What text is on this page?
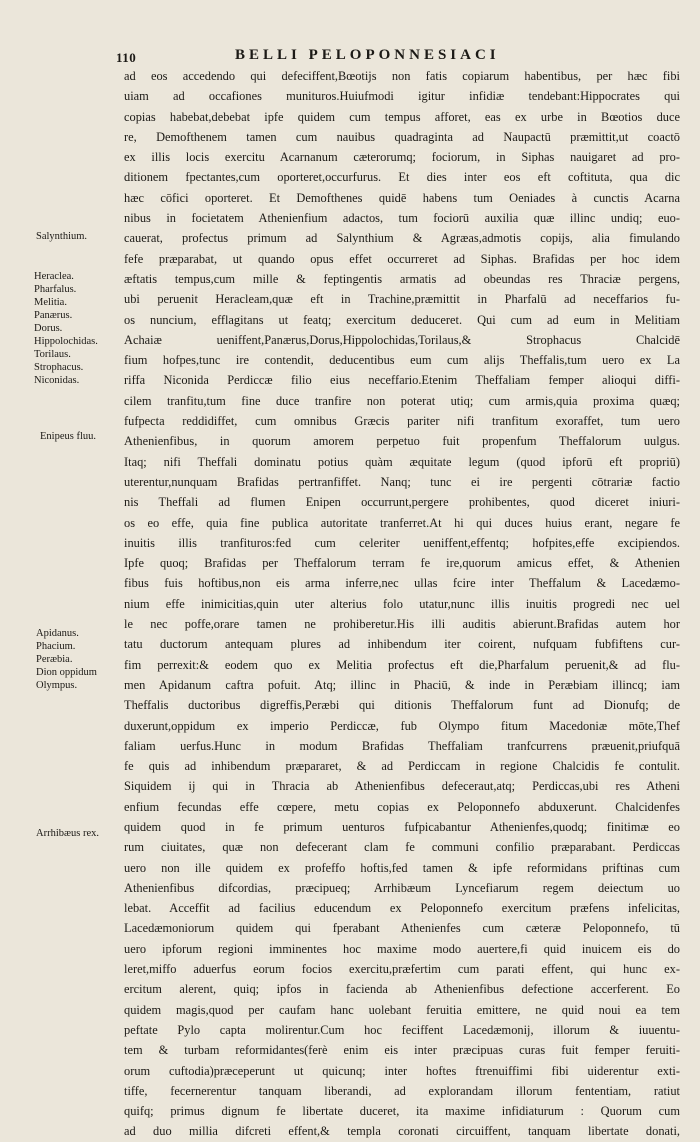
110	BELLI PELOPONNESIACI
ad eos accedendo qui defeciffent,Bœotijs non fatis copiarum habentibus, per hæc fibi
uiam ad occafiones munituros.Huiufmodi igitur infidiæ tendebant:Hippocrates qui
copias habebat,debebat ipfe quidem cum tempus afforet, eas ex urbe in Bœotios duce
re, Demofthenem tamen cum nauibus quadraginta ad Naupactū præmittit,ut coactō
ex illis locis exercitu Acarnanum cæterorumq; fociorum, in Siphas nauigaret ad pro-
ditionem fpectantes,cum oporteret,occurfurus. Et dies inter eos eft coftituta, qua dic
hæc cōfici oporteret. Et Demofthenes quidē habens tum Oeniades à cunctis Acarna
nibus in focietatem Athenienfium adactos, tum fociorū auxilia quæ illinc undiq; euo-
cauerat, profectus primum ad Salynthium & Agræas,admotis copijs, alia fimulando
fefe præparabat, ut quando opus effet occurreret ad Siphas. Brafidas per hoc idem
æftatis tempus,cum mille & feptingentis armatis ad obeundas res Thraciæ pergens,
ubi peruenit Heracleam,quæ eft in Trachine,præmittit in Pharfalū ad neceffarios fu-
os nuncium, efflagitans ut featq; exercitum deduceret. Qui cum ad eum in Melitiam
Achaiæ ueniffent,Panærus,Dorus,Hippolochidas,Torilaus,& Strophacus Chalcidē
fium hofpes,tunc ire contendit, deducentibus eum cum alijs Theffalis,tum uero ex La
riffa Niconida Perdiccæ filio eius neceffario.Etenim Theffaliam femper alioqui diffi-
cilem tranfitu,tum fine duce tranfire non poterat utiq; cum armis,quia proxima quæq;
fufpecta reddidiffet, cum omnibus Græcis pariter nifi tranfitum exoraffet, tum uero
Athenienfibus, in quorum amorem perpetuo fuit propenfum Theffalorum uulgus.
Itaq; nifi Theffali dominatu potius quàm æquitate legum (quod ipforū eft propriū)
uterentur,nunquam Brafidas pertranfiffet. Nanq; tunc ei ire pergenti cōtrariæ factio
nis Theffali ad flumen Enipen occurrunt,pergere prohibentes, quod diceret iniuri-
os eo effe, quia fine publica autoritate tranferret.At hi qui duces huius erant, negare fe
inuitis illis tranfituros:fed cum celeriter ueniffent,effentq; hofpites,effe excipiendos.
Ipfe quoq; Brafidas per Theffalorum terram fe ire,quorum amicus effet, & Athenien
fibus fuis hoftibus,non eis arma inferre,nec ullas fcire inter Theffalum & Lacedæmo-
nium effe inimicitias,quin uter alterius folo utatur,nunc illis inuitis progredi nec uel
le nec poffe,orare tamen ne prohiberetur.His illi auditis abierunt.Brafidas autem hor
tatu ductorum antequam plures ad inhibendum iter coirent, nufquam fubfiftens cur-
fim perrexit:& eodem quo ex Melitia profectus eft die,Pharfalum peruenit,& ad flu-
men Apidanum caftra pofuit. Atq; illinc in Phaciū, & inde in Peræbiam illincq; iam
Theffalis ductoribus digreffis,Peræbi qui ditionis Theffalorum funt ad Dionufq; de
duxerunt,oppidum ex imperio Perdiccæ, fub Olympo fitum Macedoniæ mōte,Thef
faliam uerfus.Hunc in modum Brafidas Theffaliam tranfcurrens præuenit,priufquā
fe quis ad inhibendum præpararet, & ad Perdiccam in regione Chalcidis fe contulit.
Siquidem ij qui in Thracia ab Athenienfibus defeceraut,atq; Perdiccas,ubi res Atheni
enfium fecundas effe cœpere, metu copias ex Peloponnefo abduxerunt. Chalcidenfes
quidem quod in fe primum uenturos fufpicabantur Athenienfes,quodq; finitimæ eo
rum ciuitates, quæ non defecerant clam fe communi confilio præparabant. Perdiccas
uero non ille quidem ex profeffo hoftis,fed tamen & ipfe reformidans priftinas cum
Athenienfibus difcordias, præcipueq; Arrhibæum Lyncefiarum regem deiectum uo
lebat. Acceffit ad facilius educendum ex Peloponnefo exercitum præfens infelicitas,
Lacedæmoniorum quidem qui fperabant Athenienfes cum cæteræ Peloponnefo, tū
uero ipforum regioni imminentes hoc maxime modo auertere,fi quid inuicem eis do
leret,miffo aduerfus eorum focios exercitu,præfertim cum parati effent, qui hunc ex-
ercitum alerent, quiq; ipfos in facienda ab Athenienfibus defectione accerferent. Eo
quidem magis,quod per caufam hanc uolebant feruitia emittere, ne quid noui ea tem
peftate Pylo capta molirentur.Cum hoc feciffent Lacedæmonij, illorum & iuuentu-
tem & turbam reformidantes(ferè enim eis inter præcipuas curas fuit femper feruiti-
orum cuftodia)præceperunt ut quicunq; inter hoftes ftrenuiffimi fibi uiderentur exti-
tiffe, fecernerentur tanquam liberandi, ad explorandam illorum fententiam, ratiut
quifq; primus dignum fe libertate duceret, ita maxime infidiaturum : Quorum cum
ad duo millia difcreti effent,& templa coronati circuiffent, tanquam libertate donati,
Salynthium.
Heraclea.
Pharfalus.
Melitia.
Panærus.
Dorus.
Hippolochidas.
Torilaus.
Strophacus.
Niconidas.
Enipeus fluu.
Apidanus.
Phacium.
Peræbia.
Dion oppidum
Olympus.
Arrhibæus rex.
